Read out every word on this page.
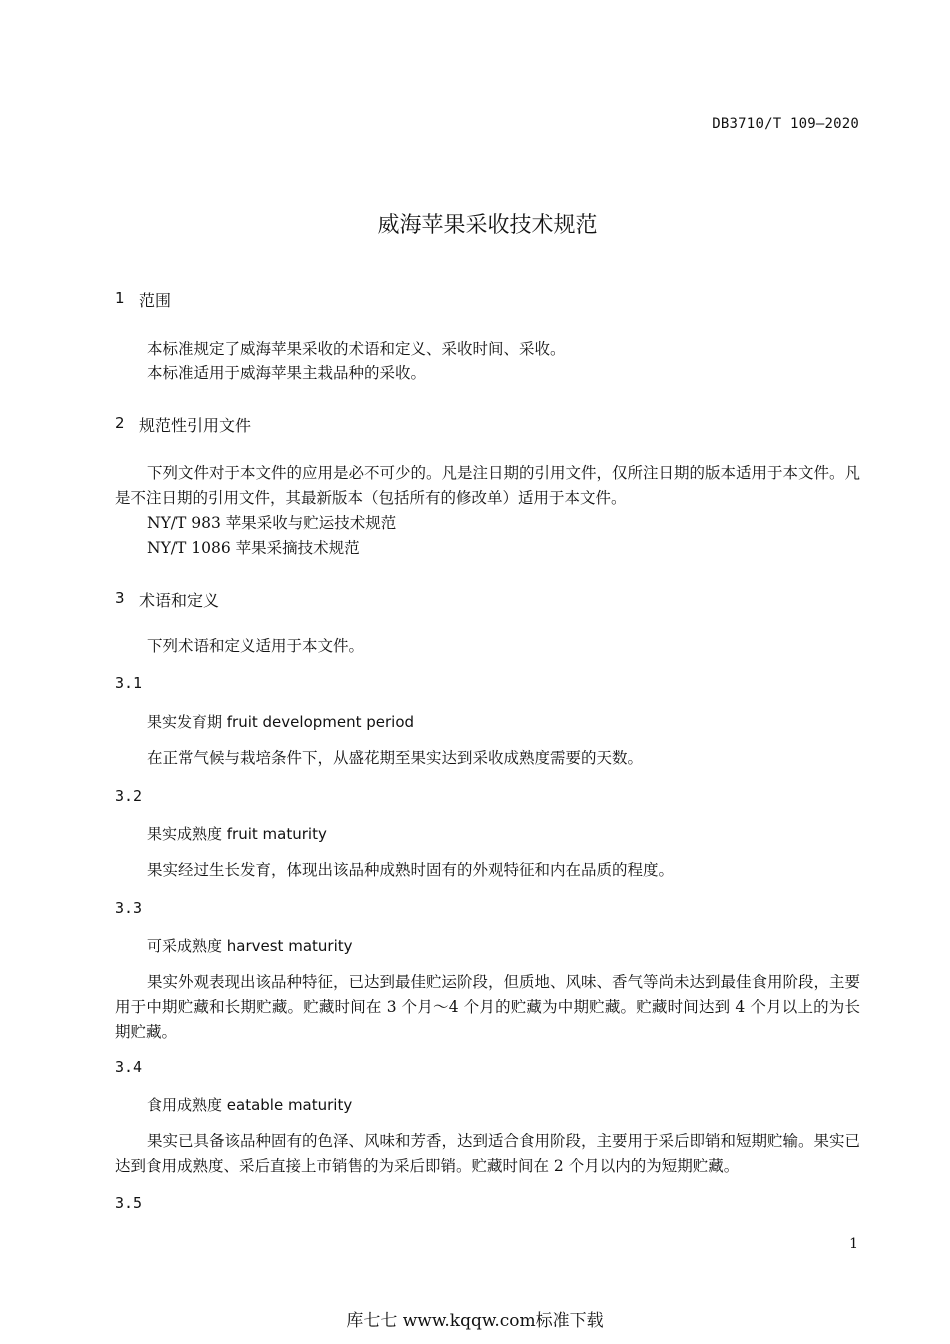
DB3710/T 109—2020
威海苹果采收技术规范
1 范围
本标准规定了威海苹果采收的术语和定义、采收时间、采收。
本标准适用于威海苹果主栽品种的采收。
2 规范性引用文件
下列文件对于本文件的应用是必不可少的。凡是注日期的引用文件，仅所注日期的版本适用于本文件。凡是不注日期的引用文件，其最新版本（包括所有的修改单）适用于本文件。
NY/T 983 苹果采收与贮运技术规范
NY/T 1086 苹果采摘技术规范
3 术语和定义
下列术语和定义适用于本文件。
3.1
果实发育期 fruit development period
在正常气候与栽培条件下，从盛花期至果实达到采收成熟度需要的天数。
3.2
果实成熟度 fruit maturity
果实经过生长发育，体现出该品种成熟时固有的外观特征和内在品质的程度。
3.3
可采成熟度 harvest maturity
果实外观表现出该品种特征，已达到最佳贮运阶段，但质地、风味、香气等尚未达到最佳食用阶段，主要用于中期贮藏和长期贮藏。贮藏时间在 3 个月～4 个月的贮藏为中期贮藏。贮藏时间达到 4 个月以上的为长期贮藏。
3.4
食用成熟度 eatable maturity
果实已具备该品种固有的色泽、风味和芳香，达到适合食用阶段，主要用于采后即销和短期贮输。果实已达到食用成熟度、采后直接上市销售的为采后即销。贮藏时间在 2 个月以内的为短期贮藏。
3.5
1
库七七 www.kqqw.com标准下载
